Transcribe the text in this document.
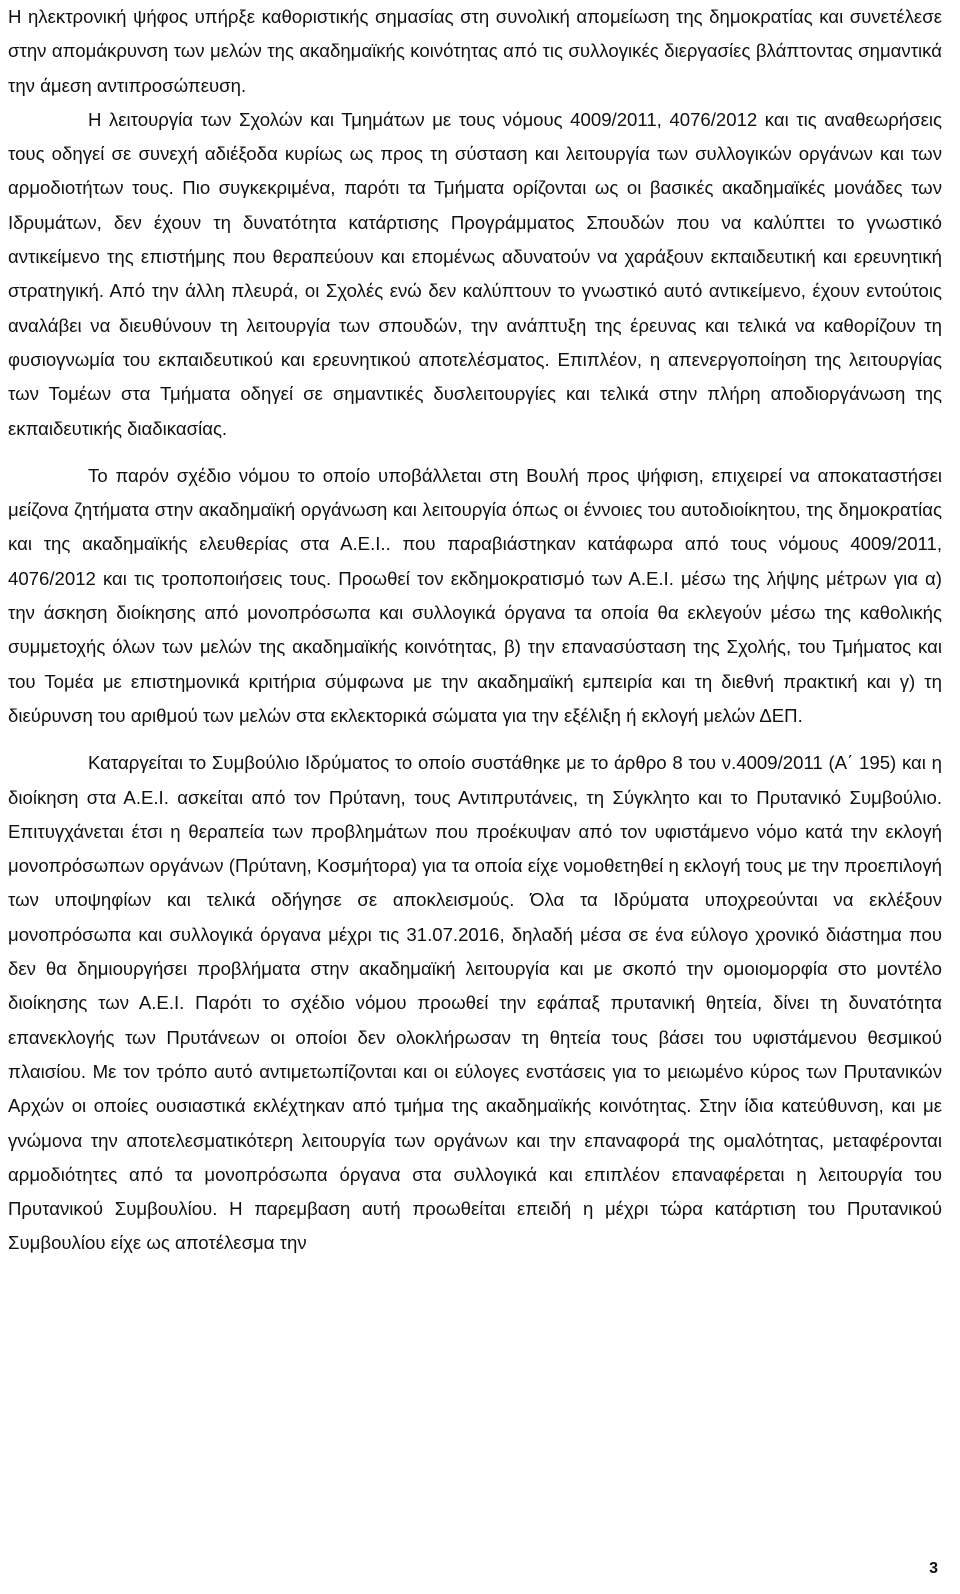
Η ηλεκτρονική ψήφος υπήρξε καθοριστικής σημασίας στη συνολική απομείωση της δημοκρατίας και συνετέλεσε στην απομάκρυνση των μελών της ακαδημαϊκής κοινότητας από τις συλλογικές διεργασίες βλάπτοντας σημαντικά την άμεση αντιπροσώπευση.

Η λειτουργία των Σχολών και Τμημάτων με τους νόμους 4009/2011, 4076/2012 και τις αναθεωρήσεις τους οδηγεί σε συνεχή αδιέξοδα κυρίως ως προς τη σύσταση και λειτουργία των συλλογικών οργάνων και των αρμοδιοτήτων τους. Πιο συγκεκριμένα, παρότι τα Τμήματα ορίζονται ως οι βασικές ακαδημαϊκές μονάδες των Ιδρυμάτων, δεν έχουν τη δυνατότητα κατάρτισης Προγράμματος Σπουδών που να καλύπτει το γνωστικό αντικείμενο της επιστήμης που θεραπεύουν και επομένως αδυνατούν να χαράξουν εκπαιδευτική και ερευνητική στρατηγική. Από την άλλη πλευρά, οι Σχολές ενώ δεν καλύπτουν το γνωστικό αυτό αντικείμενο, έχουν εντούτοις αναλάβει να διευθύνουν τη λειτουργία των σπουδών, την ανάπτυξη της έρευνας και τελικά να καθορίζουν τη φυσιογνωμία του εκπαιδευτικού και ερευνητικού αποτελέσματος. Επιπλέον, η απενεργοποίηση της λειτουργίας των Τομέων στα Τμήματα οδηγεί σε σημαντικές δυσλειτουργίες και τελικά στην πλήρη αποδιοργάνωση της εκπαιδευτικής διαδικασίας.

Το παρόν σχέδιο νόμου το οποίο υποβάλλεται στη Βουλή προς ψήφιση, επιχειρεί να αποκαταστήσει μείζονα ζητήματα στην ακαδημαϊκή οργάνωση και λειτουργία όπως οι έννοιες του αυτοδιοίκητου, της δημοκρατίας και της ακαδημαϊκής ελευθερίας στα Α.Ε.Ι.. που παραβιάστηκαν κατάφωρα από τους νόμους 4009/2011, 4076/2012 και τις τροποποιήσεις τους. Προωθεί τον εκδημοκρατισμό των Α.Ε.Ι. μέσω της λήψης μέτρων για α) την άσκηση διοίκησης από μονοπρόσωπα και συλλογικά όργανα τα οποία θα εκλεγούν μέσω της καθολικής συμμετοχής όλων των μελών της ακαδημαϊκής κοινότητας, β) την επανασύσταση της Σχολής, του Τμήματος και του Τομέα με επιστημονικά κριτήρια σύμφωνα με την ακαδημαϊκή εμπειρία και τη διεθνή πρακτική και γ) τη διεύρυνση του αριθμού των μελών στα εκλεκτορικά σώματα για την εξέλιξη ή εκλογή μελών ΔΕΠ.

Καταργείται το Συμβούλιο Ιδρύματος το οποίο συστάθηκε με το άρθρο 8 του ν.4009/2011 (Α΄ 195) και η διοίκηση στα Α.Ε.Ι. ασκείται από τον Πρύτανη, τους Αντιπρυτάνεις, τη Σύγκλητο και το Πρυτανικό Συμβούλιο. Επιτυγχάνεται έτσι η θεραπεία των προβλημάτων που προέκυψαν από τον υφιστάμενο νόμο κατά την εκλογή μονοπρόσωπων οργάνων (Πρύτανη, Κοσμήτορα) για τα οποία είχε νομοθετηθεί η εκλογή τους με την προεπιλογή των υποψηφίων και τελικά οδήγησε σε αποκλεισμούς. Όλα τα Ιδρύματα υποχρεούνται να εκλέξουν μονοπρόσωπα και συλλογικά όργανα μέχρι τις 31.07.2016, δηλαδή μέσα σε ένα εύλογο χρονικό διάστημα που δεν θα δημιουργήσει προβλήματα στην ακαδημαϊκή λειτουργία και με σκοπό την ομοιομορφία στο μοντέλο διοίκησης των Α.Ε.Ι. Παρότι το σχέδιο νόμου προωθεί την εφάπαξ πρυτανική θητεία, δίνει τη δυνατότητα επανεκλογής των Πρυτάνεων οι οποίοι δεν ολοκλήρωσαν τη θητεία τους βάσει του υφιστάμενου θεσμικού πλαισίου. Με τον τρόπο αυτό αντιμετωπίζονται και οι εύλογες ενστάσεις για το μειωμένο κύρος των Πρυτανικών Αρχών οι οποίες ουσιαστικά εκλέχτηκαν από τμήμα της ακαδημαϊκής κοινότητας. Στην ίδια κατεύθυνση, και με γνώμονα την αποτελεσματικότερη λειτουργία των οργάνων και την επαναφορά της ομαλότητας, μεταφέρονται αρμοδιότητες από τα μονοπρόσωπα όργανα στα συλλογικά και επιπλέον επαναφέρεται η λειτουργία του Πρυτανικού Συμβουλίου. Η παρεμβαση αυτή προωθείται επειδή η μέχρι τώρα κατάρτιση του Πρυτανικού Συμβουλίου είχε ως αποτέλεσμα την

3
